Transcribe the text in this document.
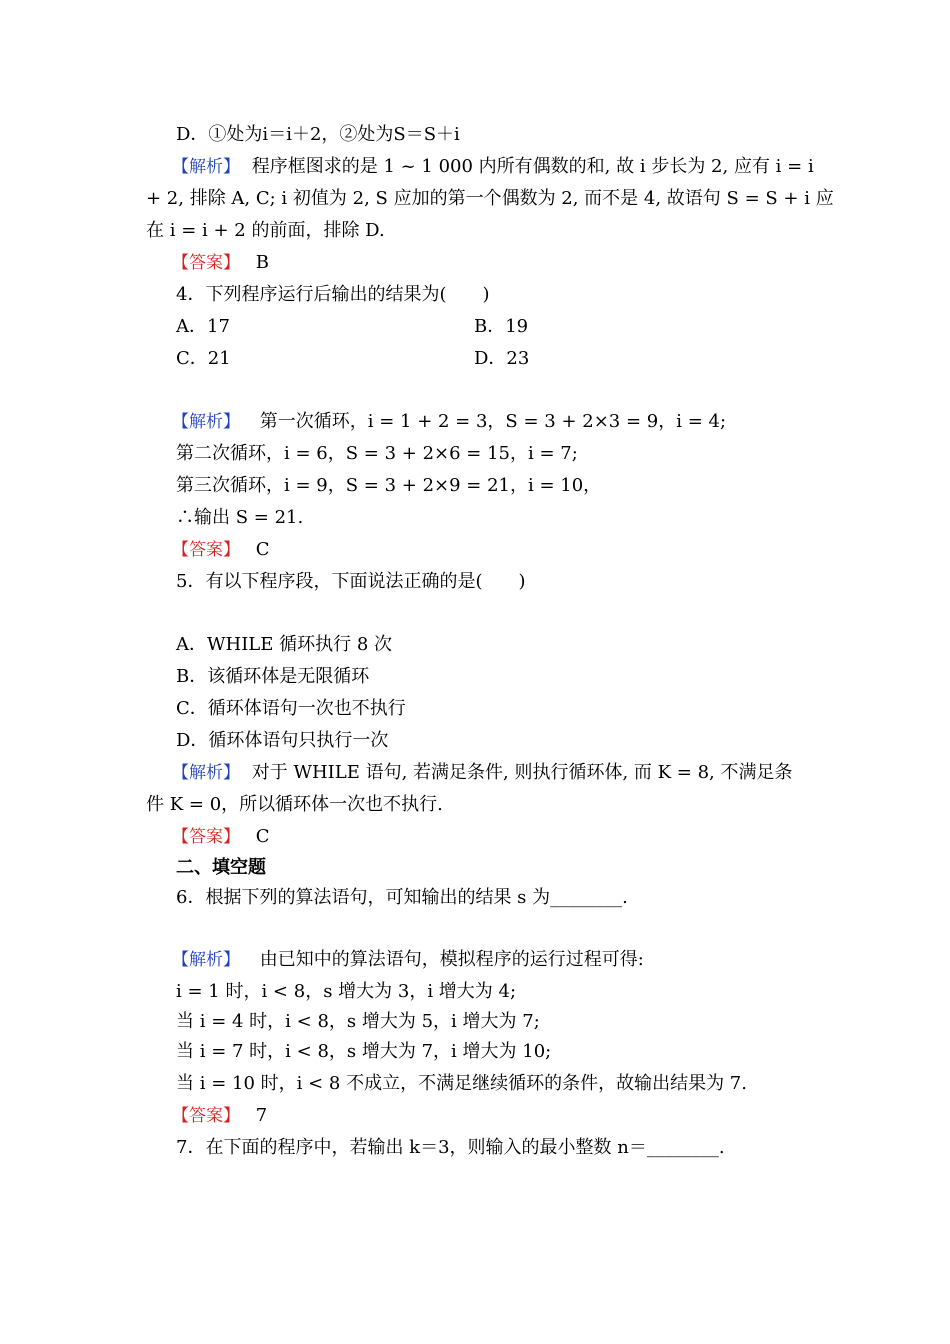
D．①处为i＝i＋2，②处为S＝S＋i
【解析】 程序框图求的是 1 ~ 1 000 内所有偶数的和, 故 i 步长为 2, 应有 i = i
+ 2, 排除 A, C; i 初值为 2, S 应加的第一个偶数为 2, 而不是 4, 故语句 S = S + i 应
在 i = i + 2 的前面，排除 D.
【答案】 B
4．下列程序运行后输出的结果为(　　)
A．17	B．19
C．21	D．23
【解析】 第一次循环，i = 1 + 2 = 3，S = 3 + 2×3 = 9，i = 4;
第二次循环，i = 6，S = 3 + 2×6 = 15，i = 7;
第三次循环，i = 9，S = 3 + 2×9 = 21，i = 10，
∴输出 S = 21.
【答案】 C
5．有以下程序段，下面说法正确的是(　　)
A．WHILE 循环执行 8 次
B．该循环体是无限循环
C．循环体语句一次也不执行
D．循环体语句只执行一次
【解析】 对于 WHILE 语句, 若满足条件, 则执行循环体, 而 K = 8, 不满足条
件 K = 0，所以循环体一次也不执行.
【答案】 C
二、填空题
6．根据下列的算法语句，可知输出的结果 s 为________.
【解析】 由已知中的算法语句，模拟程序的运行过程可得:
i = 1 时，i < 8，s 增大为 3，i 增大为 4;
当 i = 4 时，i < 8，s 增大为 5，i 增大为 7;
当 i = 7 时，i < 8，s 增大为 7，i 增大为 10;
当 i = 10 时，i < 8 不成立，不满足继续循环的条件，故输出结果为 7.
【答案】 7
7．在下面的程序中，若输出 k＝3，则输入的最小整数 n＝________.
